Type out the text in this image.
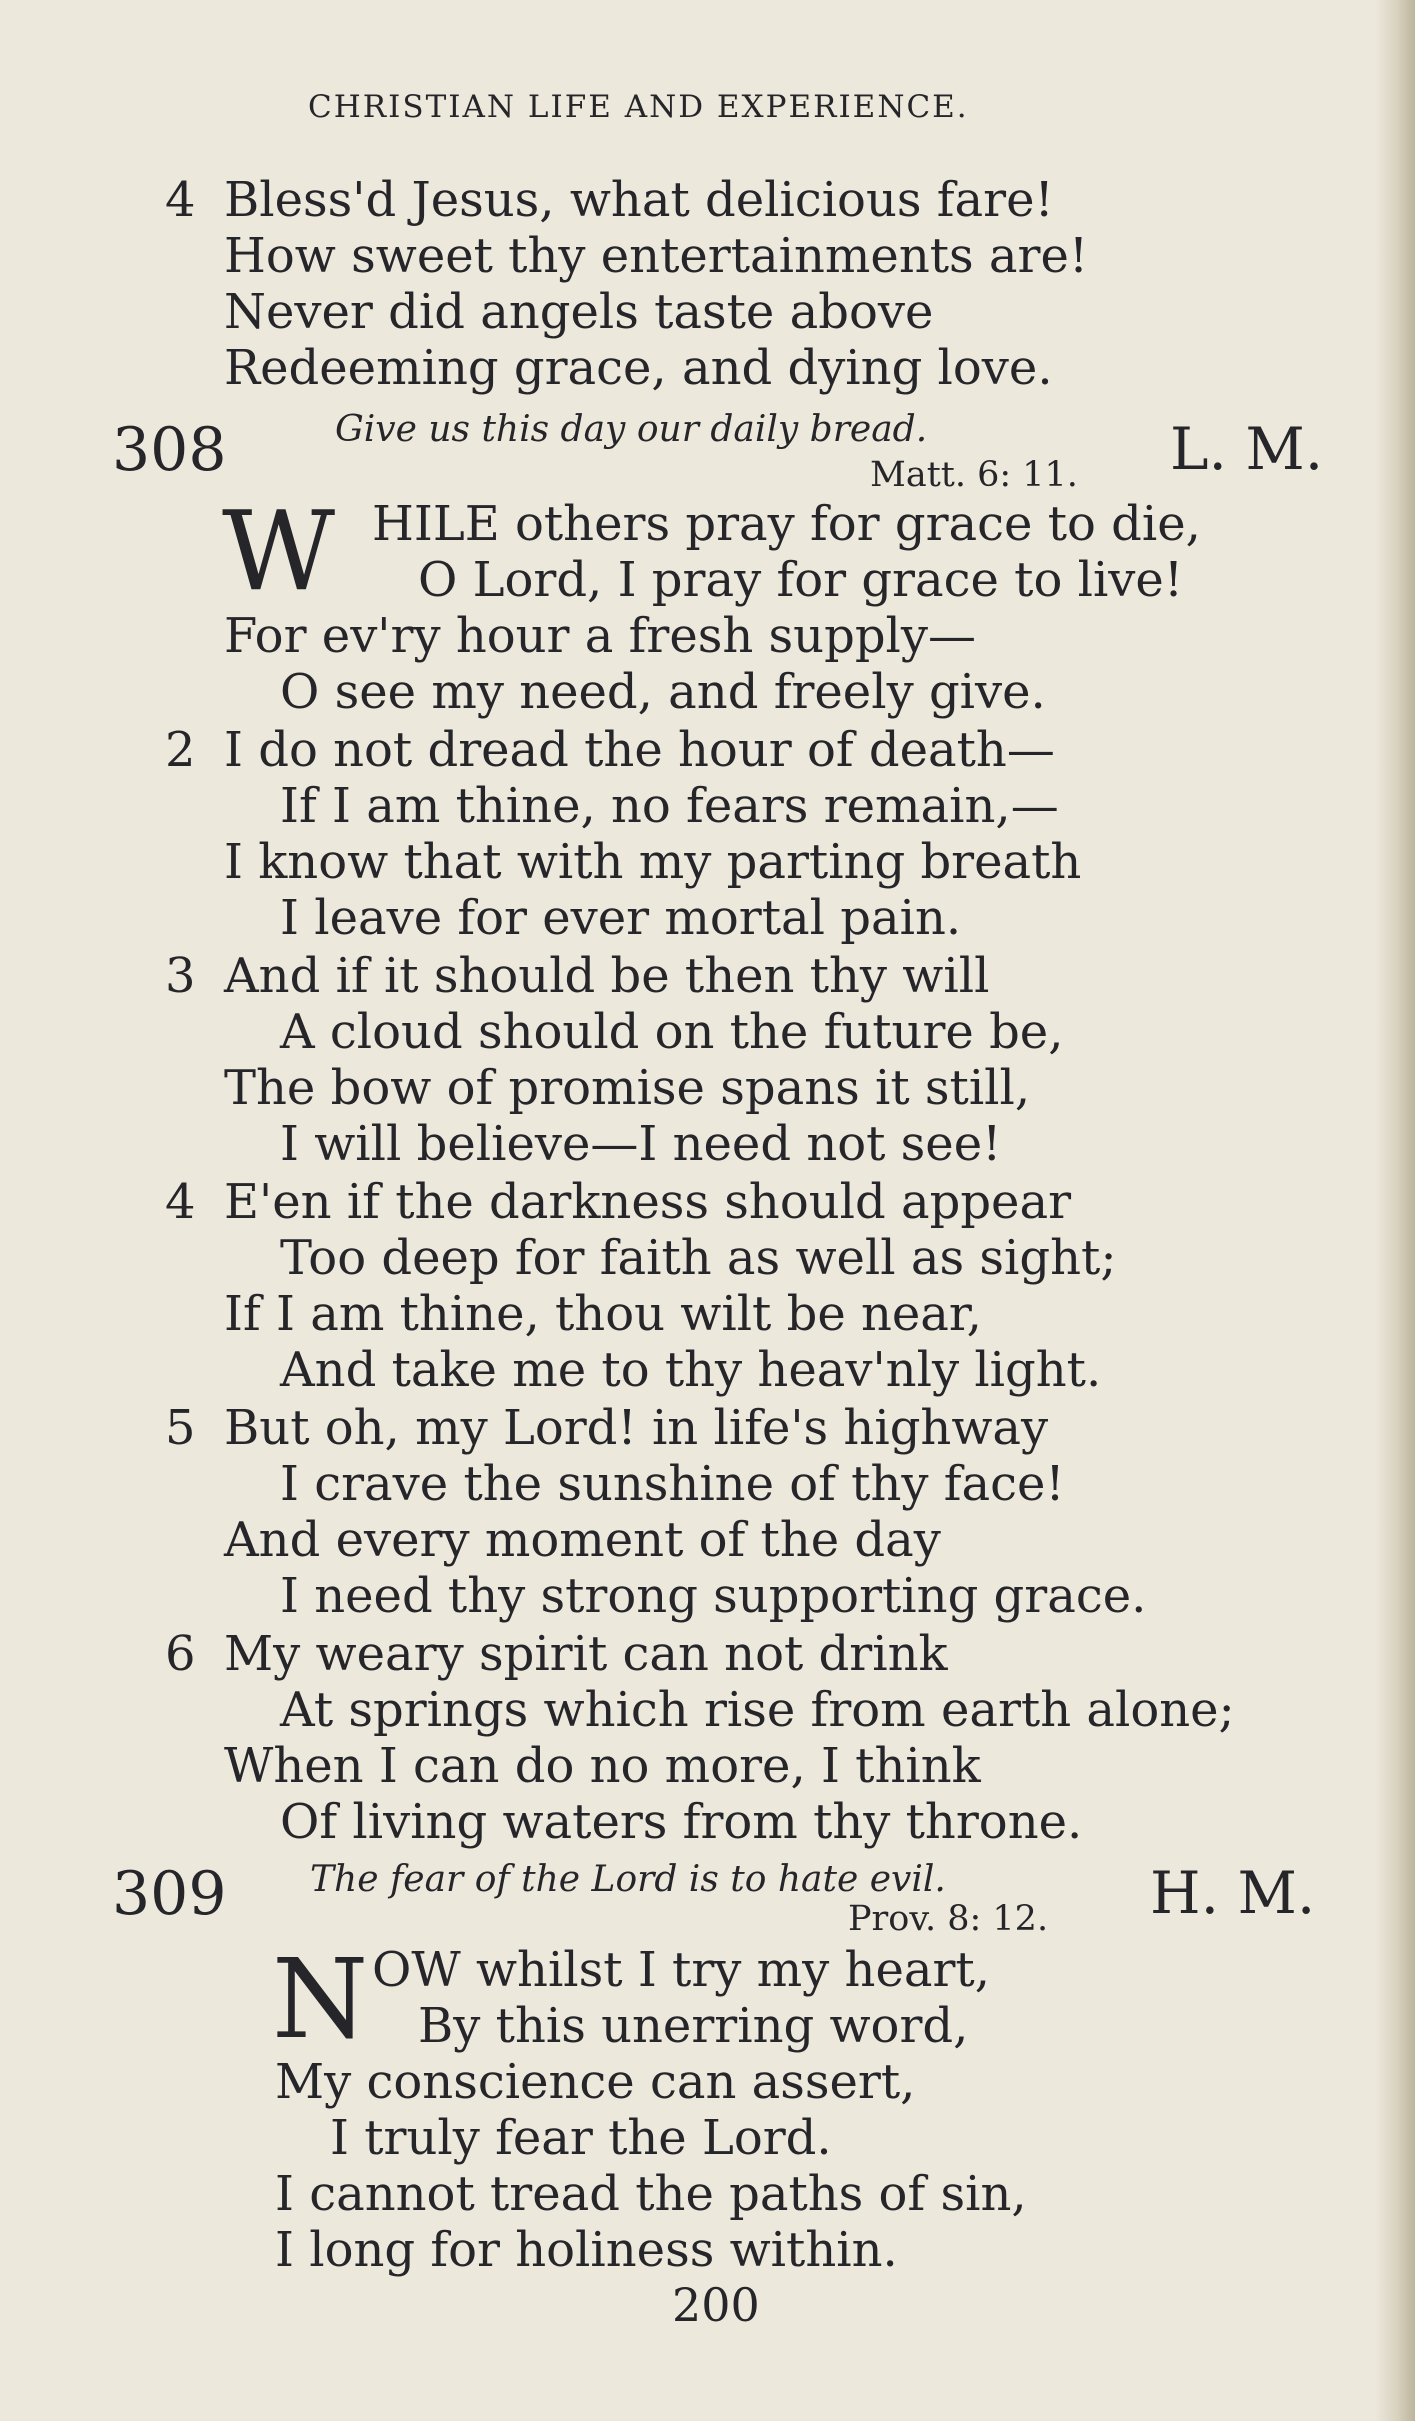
CHRISTIAN LIFE AND EXPERIENCE.
4 Bless'd Jesus, what delicious fare!
How sweet thy entertainments are!
Never did angels taste above
Redeeming grace, and dying love.
308	Give us this day our daily bread.
Matt. 6: 11. L. M.
W HILE others pray for grace to die,
O Lord, I pray for grace to live!
For ev'ry hour a fresh supply—
O see my need, and freely give.
2 I do not dread the hour of death—
If I am thine, no fears remain,—
I know that with my parting breath
I leave for ever mortal pain.
3 And if it should be then thy will
A cloud should on the future be,
The bow of promise spans it still,
I will believe—I need not see!
4 E'en if the darkness should appear
Too deep for faith as well as sight;
If I am thine, thou wilt be near,
And take me to thy heav'nly light.
5 But oh, my Lord! in life's highway
I crave the sunshine of thy face!
And every moment of the day
I need thy strong supporting grace.
6 My weary spirit can not drink
At springs which rise from earth alone;
When I can do no more, I think
Of living waters from thy throne.
309 The fear of the Lord is to hate evil.
Prov. 8: 12. H. M.
N OW whilst I try my heart,
By this unerring word,
My conscience can assert,
I truly fear the Lord.
I cannot tread the paths of sin,
I long for holiness within.
200
